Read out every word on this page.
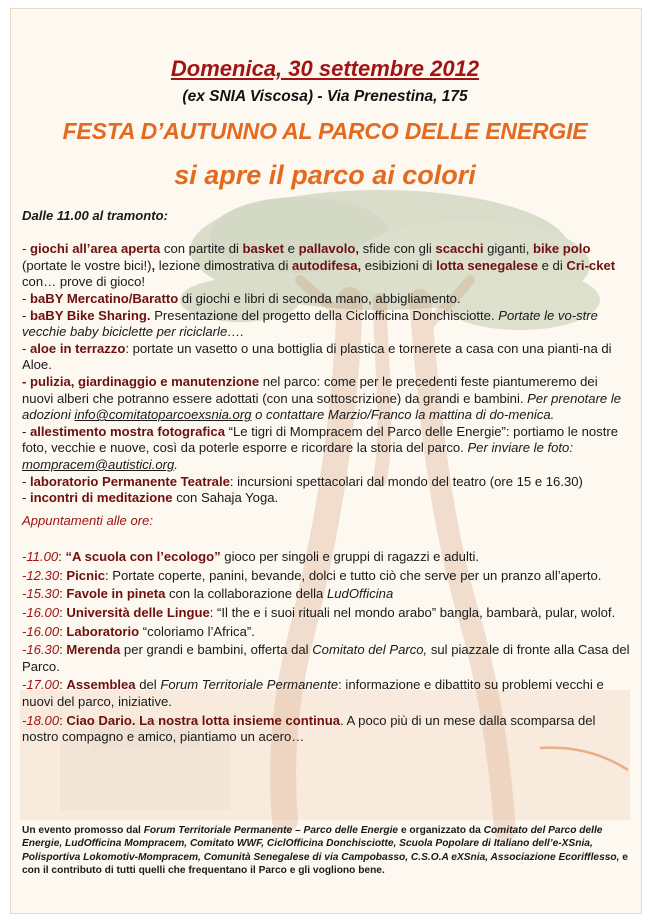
Domenica, 30 settembre 2012
(ex SNIA Viscosa) - Via Prenestina, 175
FESTA D’AUTUNNO AL PARCO DELLE ENERGIE
si apre il parco ai colori

Dalle 11.00 al tramonto:

- giochi all’area aperta con partite di basket e pallavolo, sfide con gli scacchi giganti, bike polo (portate le vostre bici!), lezione dimostrativa di autodifesa, esibizioni di lotta senegalese e di Cri-cket con… prove di gioco!

- baBY Mercatino/Baratto di giochi e libri di seconda mano, abbigliamento.

- baBY Bike Sharing. Presentazione del progetto della Ciclofficina Donchisciotte. Portate le vo-stre vecchie baby biciclette per riciclarle….

- aloe in terrazzo: portate un vasetto o una bottiglia di plastica e tornerete a casa con una pianti-na di Aloe.

- pulizia, giardinaggio e manutenzione nel parco: come per le precedenti feste piantumeremo dei nuovi alberi che potranno essere adottati (con una sottoscrizione) da grandi e bambini. Per prenotare le adozioni info@comitatoparcoexsnia.org o contattare Marzio/Franco la mattina di do-menica.

- allestimento mostra fotografica “Le tigri di Mompracem del Parco delle Energie”: portiamo le nostre foto, vecchie e nuove, così da poterle esporre e ricordare la storia del parco. Per inviare le foto: mompracem@autistici.org.

- laboratorio Permanente Teatrale: incursioni spettacolari dal mondo del teatro (ore 15 e 16.30)

- incontri di meditazione con Sahaja Yoga.

Appuntamenti alle ore:

-11.00: “A scuola con l’ecologo” gioco per singoli e gruppi di ragazzi e adulti.

-12.30: Picnic: Portate coperte, panini, bevande, dolci e tutto ciò che serve per un pranzo all’aperto.

-15.30: Favole in pineta con la collaborazione della LudOfficina

-16.00: Università delle Lingue: “Il the e i suoi rituali nel mondo arabo” bangla, bambarà, pular, wolof.

-16.00: Laboratorio “coloriamo l’Africa”.

-16.30: Merenda per grandi e bambini, offerta dal Comitato del Parco, sul piazzale di fronte alla Casa del Parco.

-17.00: Assemblea del Forum Territoriale Permanente: informazione e dibattito su problemi vecchi e nuovi del parco, iniziative.

-18.00: Ciao Dario. La nostra lotta insieme continua. A poco più di un mese dalla scomparsa del nostro compagno e amico, piantiamo un acero…

Un evento promosso dal Forum Territoriale Permanente – Parco delle Energie e organizzato da Comitato del Parco delle Energie, LudOfficina Mompracem, Comitato WWF, CiclOfficina Donchisciotte, Scuola Popolare di Italiano dell’e-XSnia, Polisportiva Lokomotiv-Mompracem, Comunità Senegalese di via Campobasso, C.S.O.A eXSnia, Associazione Ecorifflesso, e con il contributo di tutti quelli che frequentano il Parco e gli vogliono bene.
